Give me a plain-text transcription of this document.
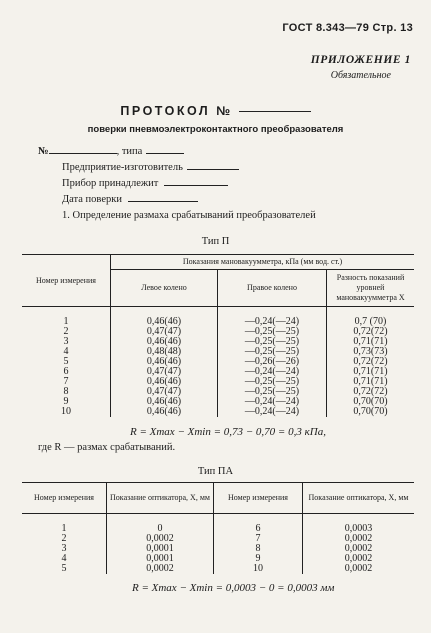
ГОСТ 8.343—79 Стр. 13
ПРИЛОЖЕНИЕ 1
Обязательное
ПРОТОКОЛ №
поверки пневмоэлектроконтактного преобразователя
№	, типа
Предприятие-изготовитель
Прибор принадлежит
Дата поверки
1. Определение размаха срабатываний преобразователей
Тип П
Номер измерения	Показания мановакуумметра, кПа (мм вод. ст.)		
	Левое колено	Правое колено	Разность показаний уровней мановакуумметра X

1	0,46(46)	—0,24(—24)	0,7 (70)
2	0,47(47)	—0,25(—25)	0,72(72)
3	0,46(46)	—0,25(—25)	0,71(71)
4	0,48(48)	—0,25(—25)	0,73(73)
5	0,46(46)	—0,26(—26)	0,72(72)
6	0,47(47)	—0,24(—24)	0,71(71)
7	0,46(46)	—0,25(—25)	0,71(71)
8	0,47(47)	—0,25(—25)	0,72(72)
9	0,46(46)	—0,24(—24)	0,70(70)
10	0,46(46)	—0,24(—24)	0,70(70)
R = Xmax − Xmin = 0,73 − 0,70 = 0,3 кПа,
где R — размах срабатываний.
Тип ПА
Номер измерения	Показание оптикатора, X, мм	Номер измерения	Показание оптикатора, X, мм

1	0	6	0,0003
2	0,0002	7	0,0002
3	0,0001	8	0,0002
4	0,0001	9	0,0002
5	0,0002	10	0,0002
R = Xmax − Xmin = 0,0003 − 0 = 0,0003 мм
